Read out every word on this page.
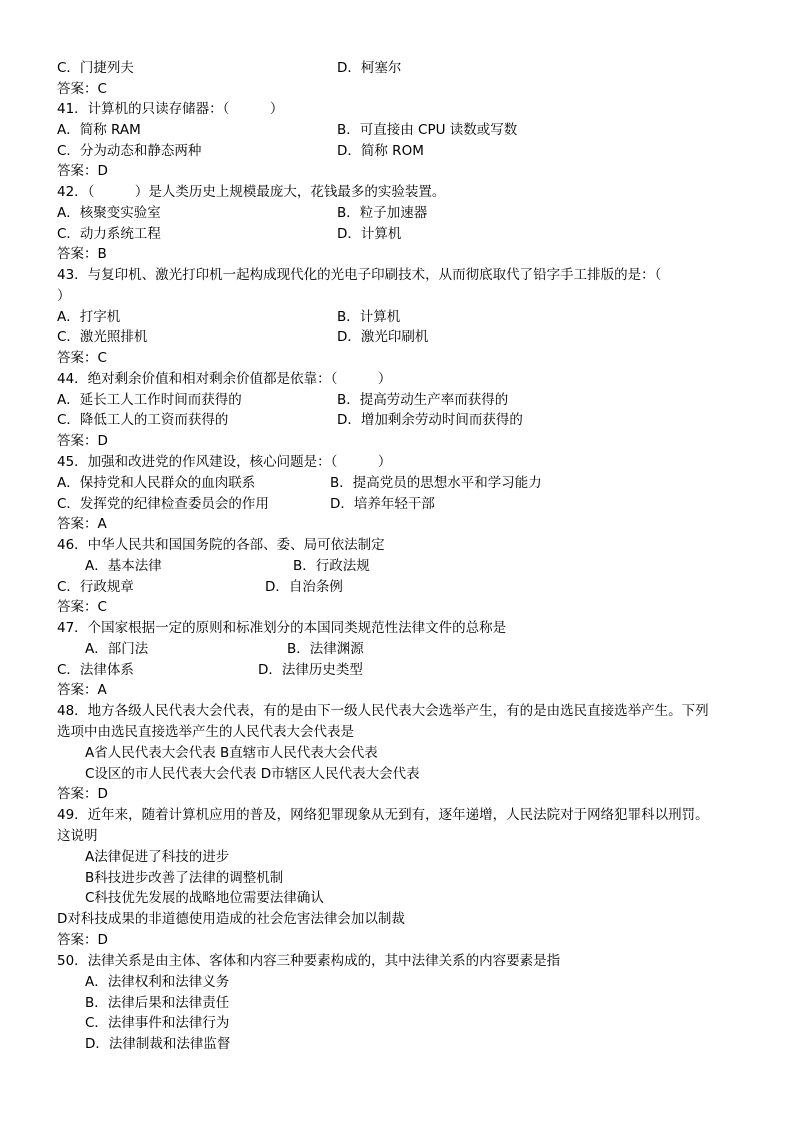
C．门捷列夫	D．柯塞尔
答案：C
41．计算机的只读存储器：（　　　）
A．简称 RAM	B．可直接由 CPU 读数或写数
C．分为动态和静态两种	D．简称 ROM
答案：D
42．（　　　）是人类历史上规模最庞大，花钱最多的实验装置。
A．核聚变实验室	B．粒子加速器
C．动力系统工程	D．计算机
答案：B
43．与复印机、激光打印机一起构成现代化的光电子印刷技术，从而彻底取代了铅字手工排版的是：（
）
A．打字机	B．计算机
C．激光照排机	D．激光印刷机
答案：C
44．绝对剩余价值和相对剩余价值都是依靠：（　　　）
A．延长工人工作时间而获得的	B．提高劳动生产率而获得的
C．降低工人的工资而获得的	D．增加剩余劳动时间而获得的
答案：D
45．加强和改进党的作风建设，核心问题是：（　　　）
A．保持党和人民群众的血肉联系	B．提高党员的思想水平和学习能力
C．发挥党的纪律检查委员会的作用	D．培养年轻干部
答案：A
46．中华人民共和国国务院的各部、委、局可依法制定
A．基本法律	B．行政法规
C．行政规章	D．自治条例
答案：C
47．个国家根据一定的原则和标准划分的本国同类规范性法律文件的总称是
A．部门法	B．法律渊源
C．法律体系	D．法律历史类型
答案：A
48．地方各级人民代表大会代表，有的是由下一级人民代表大会选举产生，有的是由选民直接选举产生。下列
选项中由选民直接选举产生的人民代表大会代表是
A省人民代表大会代表 B直辖市人民代表大会代表
C设区的市人民代表大会代表 D市辖区人民代表大会代表
答案：D
49．近年来，随着计算机应用的普及，网络犯罪现象从无到有，逐年递增，人民法院对于网络犯罪科以刑罚。
这说明
A法律促进了科技的进步
B科技进步改善了法律的调整机制
C科技优先发展的战略地位需要法律确认
D对科技成果的非道德使用造成的社会危害法律会加以制裁
答案：D
50．法律关系是由主体、客体和内容三种要素构成的，其中法律关系的内容要素是指
A．法律权利和法律义务
B．法律后果和法律责任
C．法律事件和法律行为
D．法律制裁和法律监督
